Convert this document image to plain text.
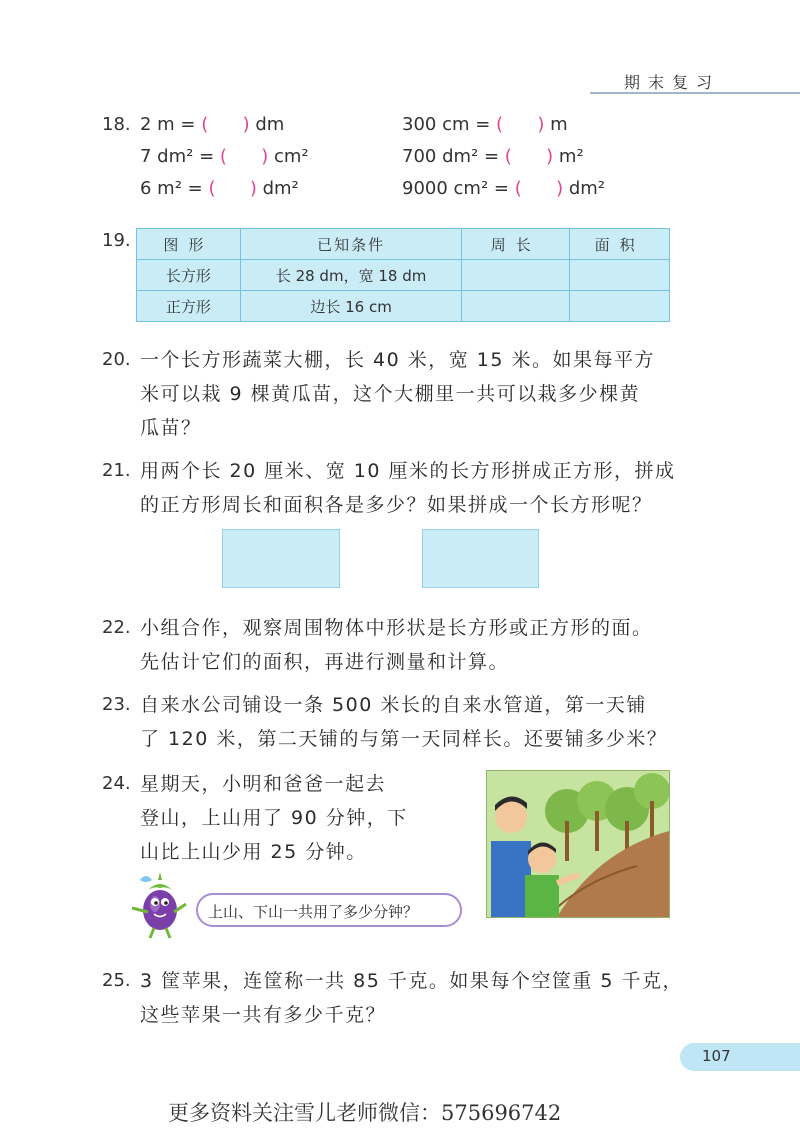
期末复习
18. 2 m = ( ) dm	300 cm = ( ) m
7 dm² = ( ) cm²	700 dm² = ( ) m²
6 m² = ( ) dm²	9000 cm² = ( ) dm²
19. 图形	已知条件	周长	面积
长方形	长 28 dm，宽 18 dm		
正方形	边长 16 cm		
20. 一个长方形蔬菜大棚，长 40 米，宽 15 米。如果每平方
米可以栽 9 棵黄瓜苗，这个大棚里一共可以栽多少棵黄
瓜苗？
21. 用两个长 20 厘米、宽 10 厘米的长方形拼成正方形，拼成
的正方形周长和面积各是多少？如果拼成一个长方形呢？
22. 小组合作，观察周围物体中形状是长方形或正方形的面。
先估计它们的面积，再进行测量和计算。
23. 自来水公司铺设一条 500 米长的自来水管道，第一天铺
了 120 米，第二天铺的与第一天同样长。还要铺多少米？
24. 星期天，小明和爸爸一起去
登山，上山用了 90 分钟，下
山比上山少用 25 分钟。
上山、下山一共用了多少分钟？
25. 3 筐苹果，连筐称一共 85 千克。如果每个空筐重 5 千克，
这些苹果一共有多少千克？
107
更多资料关注雪儿老师微信：575696742
